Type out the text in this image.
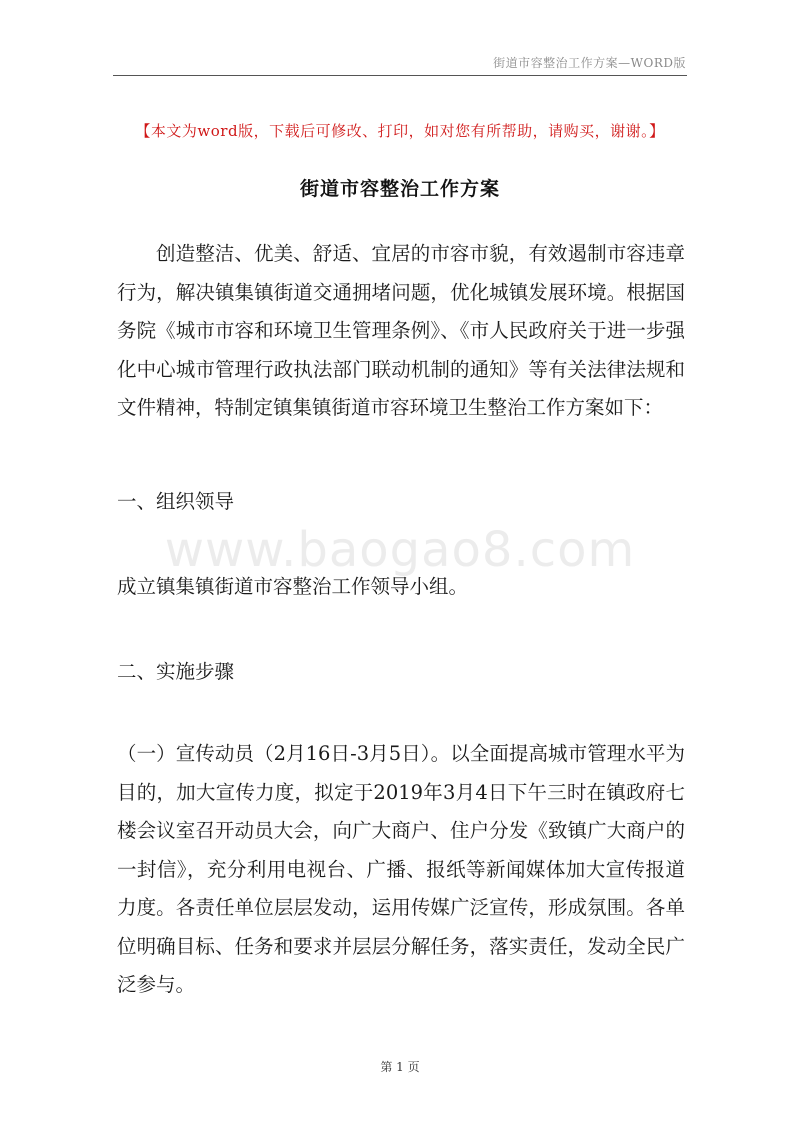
街道市容整治工作方案—WORD版
【本文为word版，下载后可修改、打印，如对您有所帮助，请购买，谢谢。】
街道市容整治工作方案

创造整洁、优美、舒适、宜居的市容市貌，有效遏制市容违章行为，解决镇集镇街道交通拥堵问题，优化城镇发展环境。根据国务院《城市市容和环境卫生管理条例》、《市人民政府关于进一步强化中心城市管理行政执法部门联动机制的通知》等有关法律法规和文件精神，特制定镇集镇街道市容环境卫生整治工作方案如下：

一、组织领导
www.baogao8.com

成立镇集镇街道市容整治工作领导小组。

二、实施步骤

（一）宣传动员（2月16日-3月5日）。以全面提高城市管理水平为目的，加大宣传力度，拟定于2019年3月4日下午三时在镇政府七楼会议室召开动员大会，向广大商户、住户分发《致镇广大商户的一封信》，充分利用电视台、广播、报纸等新闻媒体加大宣传报道力度。各责任单位层层发动，运用传媒广泛宣传，形成氛围。各单位明确目标、任务和要求并层层分解任务，落实责任，发动全民广泛参与。

第 1 页
